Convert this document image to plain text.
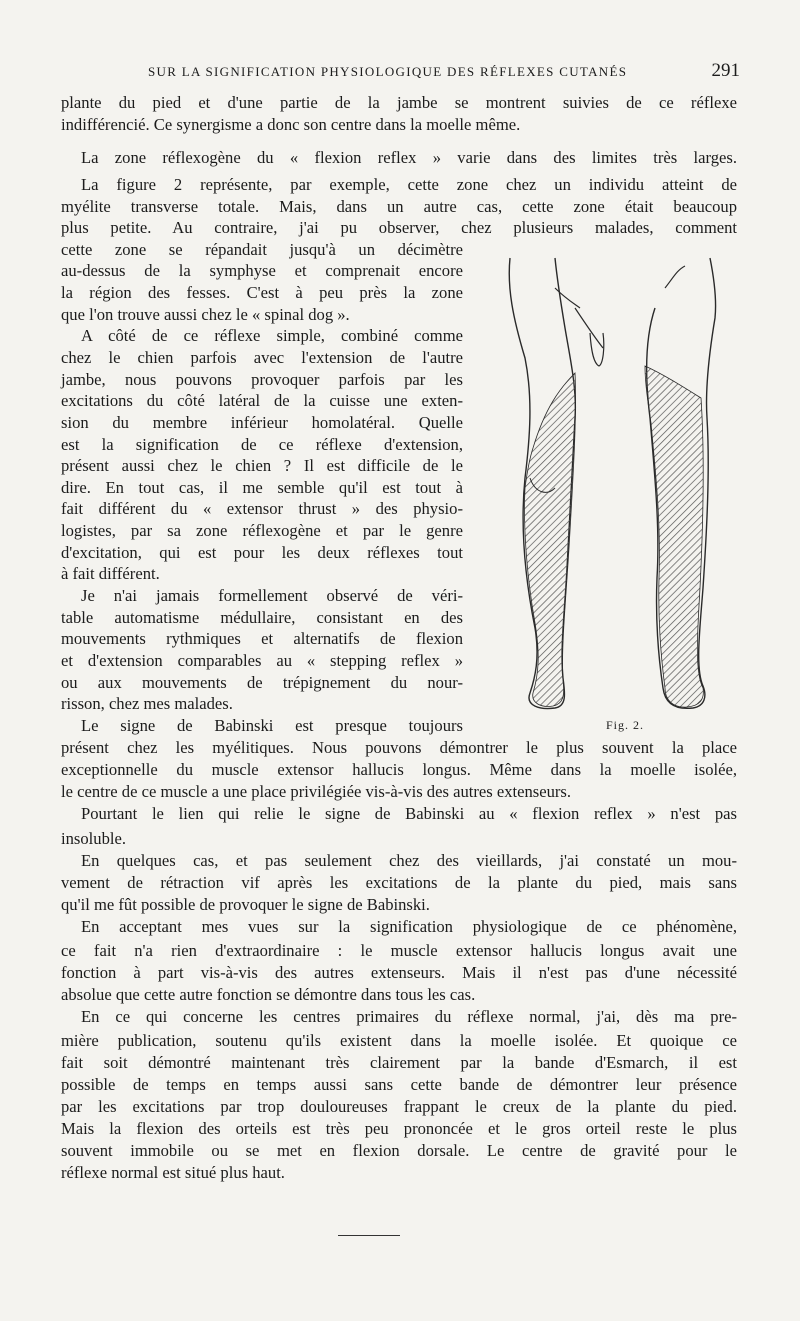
SUR LA SIGNIFICATION PHYSIOLOGIQUE DES RÉFLEXES CUTANÉS	291
plante du pied et d'une partie de la jambe se montrent suivies de ce réflexe
indifférencié. Ce synergisme a donc son centre dans la moelle même.
La zone réflexogène du « flexion reflex » varie dans des limites très larges.
La figure 2 représente, par exemple, cette zone chez un individu atteint de
myélite transverse totale. Mais, dans un autre cas, cette zone était beaucoup
plus petite. Au contraire, j'ai pu observer, chez plusieurs malades, comment
cette zone se répandait jusqu'à un décimètre
au-dessus de la symphyse et comprenait encore
la région des fesses. C'est à peu près la zone
que l'on trouve aussi chez le « spinal dog ».
A côté de ce réflexe simple, combiné comme
chez le chien parfois avec l'extension de l'autre
jambe, nous pouvons provoquer parfois par les
excitations du côté latéral de la cuisse une exten-
sion du membre inférieur homolatéral. Quelle
est la signification de ce réflexe d'extension,
présent aussi chez le chien ? Il est difficile de le
dire. En tout cas, il me semble qu'il est tout à
fait différent du « extensor thrust » des physio-
logistes, par sa zone réflexogène et par le genre
d'excitation, qui est pour les deux réflexes tout
à fait différent.
Je n'ai jamais formellement observé de véri-
table automatisme médullaire, consistant en des
mouvements rythmiques et alternatifs de flexion
et d'extension comparables au « stepping reflex »
ou aux mouvements de trépignement du nour-
risson, chez mes malades.
Le signe de Babinski est presque toujours
présent chez les myélitiques. Nous pouvons démontrer le plus souvent la place
exceptionnelle du muscle extensor hallucis longus. Même dans la moelle isolée,
le centre de ce muscle a une place privilégiée vis-à-vis des autres extenseurs.
Pourtant le lien qui relie le signe de Babinski au « flexion reflex » n'est pas
insoluble.
En quelques cas, et pas seulement chez des vieillards, j'ai constaté un mou-
vement de rétraction vif après les excitations de la plante du pied, mais sans
qu'il me fût possible de provoquer le signe de Babinski.
En acceptant mes vues sur la signification physiologique de ce phénomène,
ce fait n'a rien d'extraordinaire : le muscle extensor hallucis longus avait une
fonction à part vis-à-vis des autres extenseurs. Mais il n'est pas d'une nécessité
absolue que cette autre fonction se démontre dans tous les cas.
En ce qui concerne les centres primaires du réflexe normal, j'ai, dès ma pre-
mière publication, soutenu qu'ils existent dans la moelle isolée. Et quoique ce
fait soit démontré maintenant très clairement par la bande d'Esmarch, il est
possible de temps en temps aussi sans cette bande de démontrer leur présence
par les excitations par trop douloureuses frappant le creux de la plante du pied.
Mais la flexion des orteils est très peu prononcée et le gros orteil reste le plus
souvent immobile ou se met en flexion dorsale. Le centre de gravité pour le
réflexe normal est situé plus haut.
Fig. 2.
